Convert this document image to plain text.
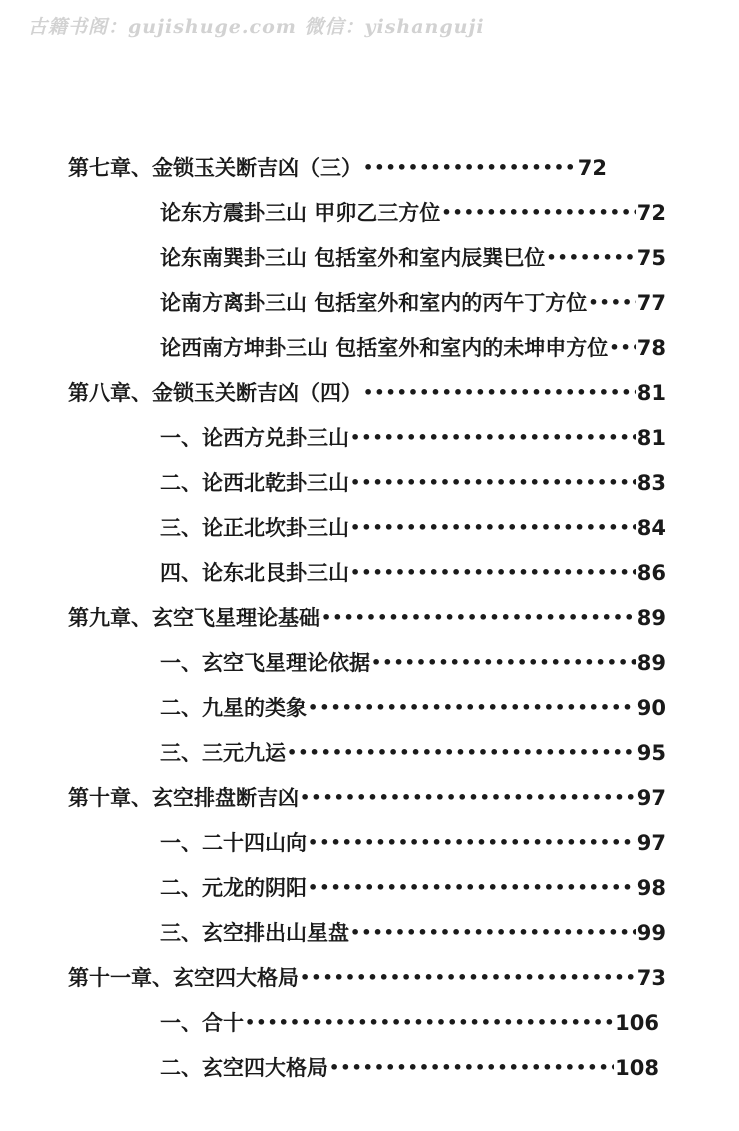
古籍书阁：gujishuge.com 微信：yishanguji
第七章、金锁玉关断吉凶（三） •••••	72
论东方震卦三山 甲卯乙三方位 •••••	72
论东南巽卦三山 包括室外和室内辰巽巳位 •••••	75
论南方离卦三山 包括室外和室内的丙午丁方位 ••••• 77
论西南方坤卦三山 包括室外和室内的未坤申方位 ••••• 78
第八章、金锁玉关断吉凶（四） •••••	81
一、论西方兑卦三山 •••••	81
二、论西北乾卦三山 •••••	83
三、论正北坎卦三山 •••••	84
四、论东北艮卦三山 •••••	86
第九章、玄空飞星理论基础 •••••	89
一、玄空飞星理论依据 •••••	89
二、九星的类象 •••••	90
三、三元九运 •••••	95
第十章、玄空排盘断吉凶 •••••	97
一、二十四山向 •••••	97
二、元龙的阴阳 •••••	98
三、玄空排出山星盘 •••••	99
第十一章、玄空四大格局 •••••	73
一、合十 •••••	106
二、玄空四大格局 •••••	108
